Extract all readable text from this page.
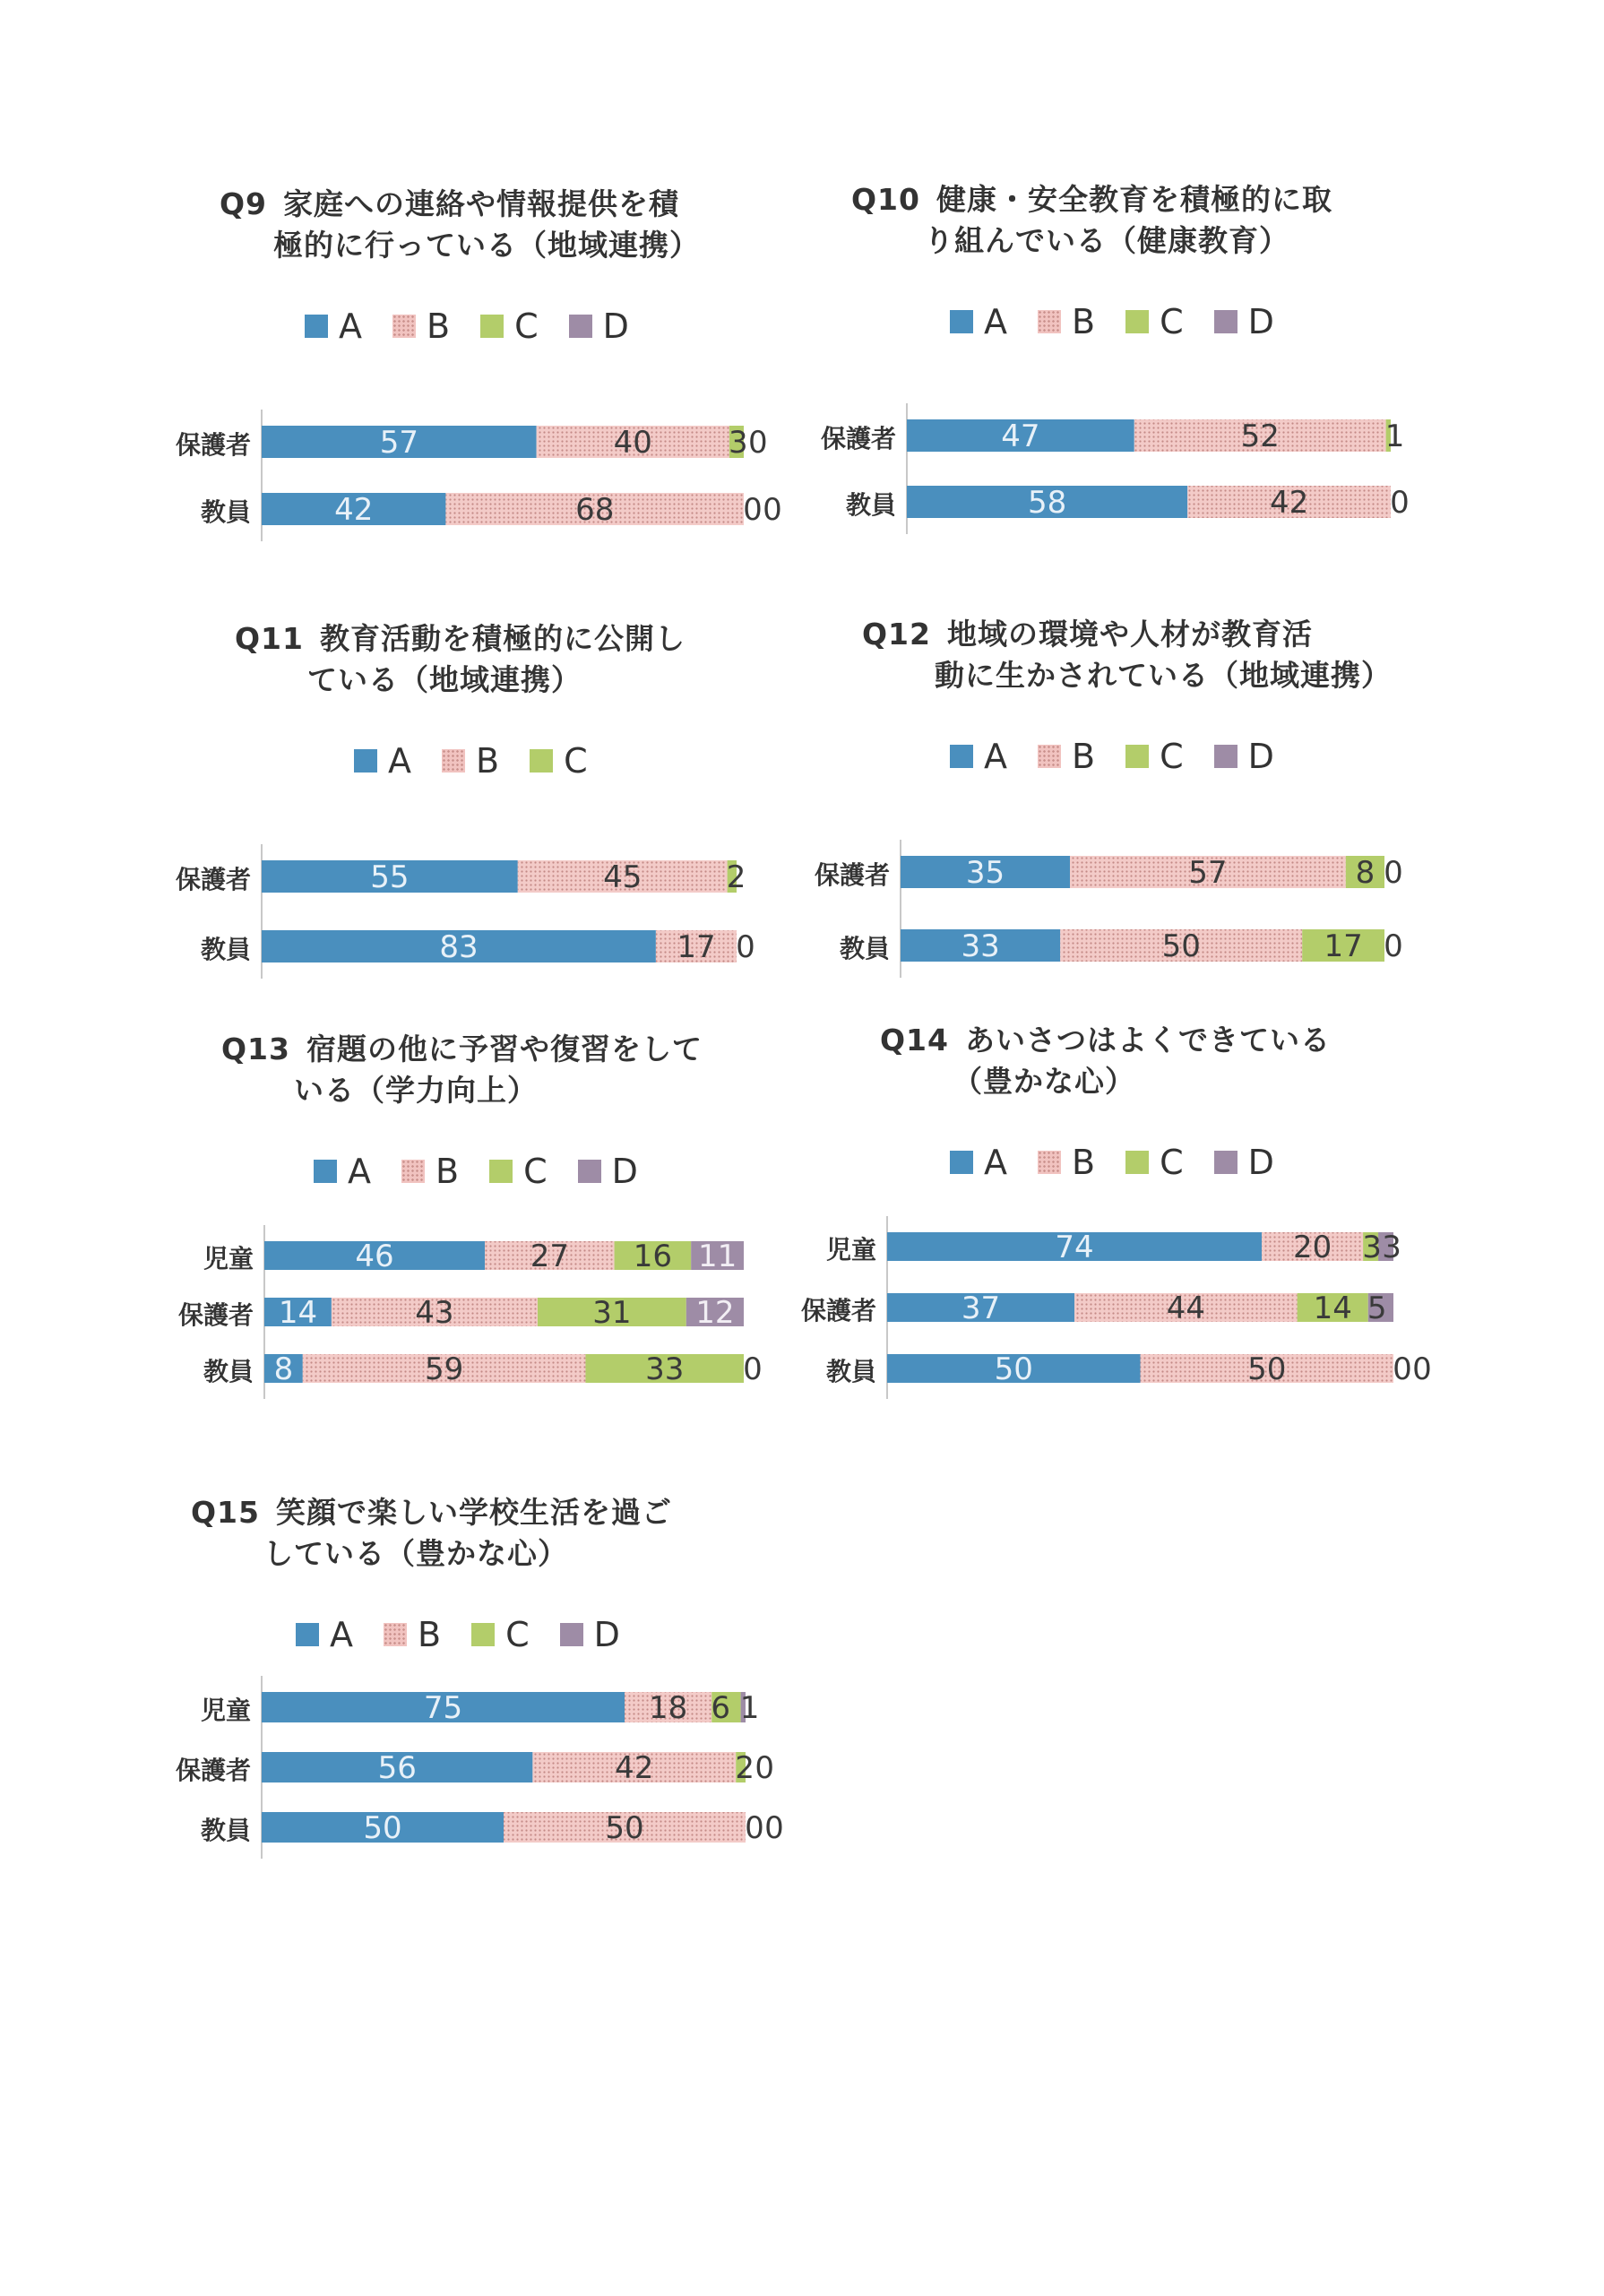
Q9 家庭への連絡や情報提供を積
極的に行っている（地域連携）
A B C D
保護者
教員
57	40	3 0
42	68	0 0
Q10 健康・安全教育を積極的に取
り組んでいる（健康教育）
A B C D
保護者
教員
47	52	1
58	42	0
Q11 教育活動を積極的に公開し
ている（地域連携）
A B C
保護者
教員
55	45	2
83	17 0
Q12 地域の環境や人材が教育活
動に生かされている（地域連携）
A B C D
保護者
教員
35	57	8 0
33	50	17 0
Q13 宿題の他に予習や復習をして
いる（学力向上）
A B C D
児童
保護者
教員
46	27 16 11
14	43	31 12
8	59	33 0
Q14 あいさつはよくできている
（豊かな心）
A B C D
児童
保護者
教員
74	20 3 3
37	44	14 5
50	50	0 0
Q15 笑顔で楽しい学校生活を過ご
している（豊かな心）
A B C D
児童
保護者
教員
75	18 6 1
56	42	2 0
50	50	0 0
